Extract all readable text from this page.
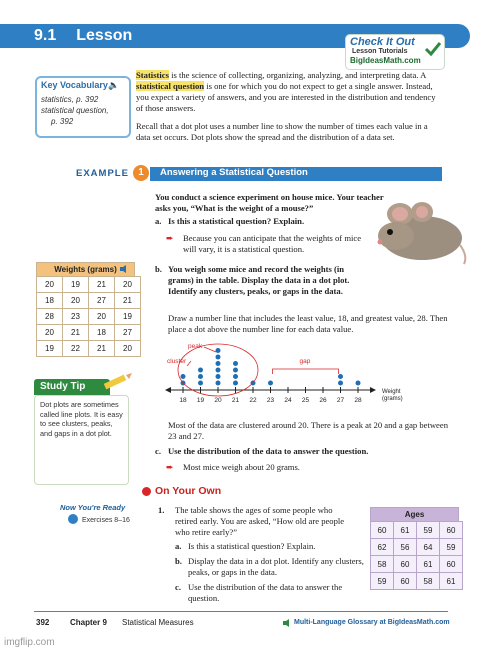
9.1 Lesson	Check It Out
Lesson Tutorials
BigIdeasMath.com
Key Vocabulary 🔈
statistics, p. 392
statistical question,
p. 392
Statistics is the science of collecting, organizing, analyzing, and interpreting data. A statistical question is one for which you do not expect to get a single answer. Instead, you expect a variety of answers, and you are interested in the distribution and tendency of those answers.
Recall that a dot plot uses a number line to show the number of times each value in a data set occurs. Dot plots show the spread and the distribution of a data set.
EXAMPLE 1	Answering a Statistical Question
You conduct a science experiment on house mice. Your teacher asks you, “What is the weight of a mouse?”
a. Is this a statistical question? Explain.
➨ Because you can anticipate that the weights of mice will vary, it is a statistical question.
b. You weigh some mice and record the weights (in grams) in the table. Display the data in a dot plot. Identify any clusters, peaks, or gaps in the data.
Draw a number line that includes the least value, 18, and greatest value, 28. Then place a dot above the number line for each data value.
Weights (grams)
20	19	21	20
18	20	27	21
28	23	20	19
20	21	18	27
19	22	21	20
18 19 20 21 22 23 24 25 26 27 28
Weight
(grams)
peak
cluster	gap
Study Tip
Dot plots are sometimes called line plots. It is easy to see clusters, peaks, and gaps in a dot plot.
Most of the data are clustered around 20. There is a peak at 20 and a gap between 23 and 27.
c. Use the distribution of the data to answer the question.
➨ Most mice weigh about 20 grams.
On Your Own
Now You're Ready
Exercises 8–16
1. The table shows the ages of some people who retired early. You are asked, “How old are people who retire early?”
a. Is this a statistical question? Explain.
b. Display the data in a dot plot. Identify any clusters, peaks, or gaps in the data.
c. Use the distribution of the data to answer the question.
Ages
60	61	59	60
62	56	64	59
58	60	61	60
59	60	58	61
392	Chapter 9 Statistical Measures	Multi-Language Glossary at BigIdeasMath.com
imgflip.com
